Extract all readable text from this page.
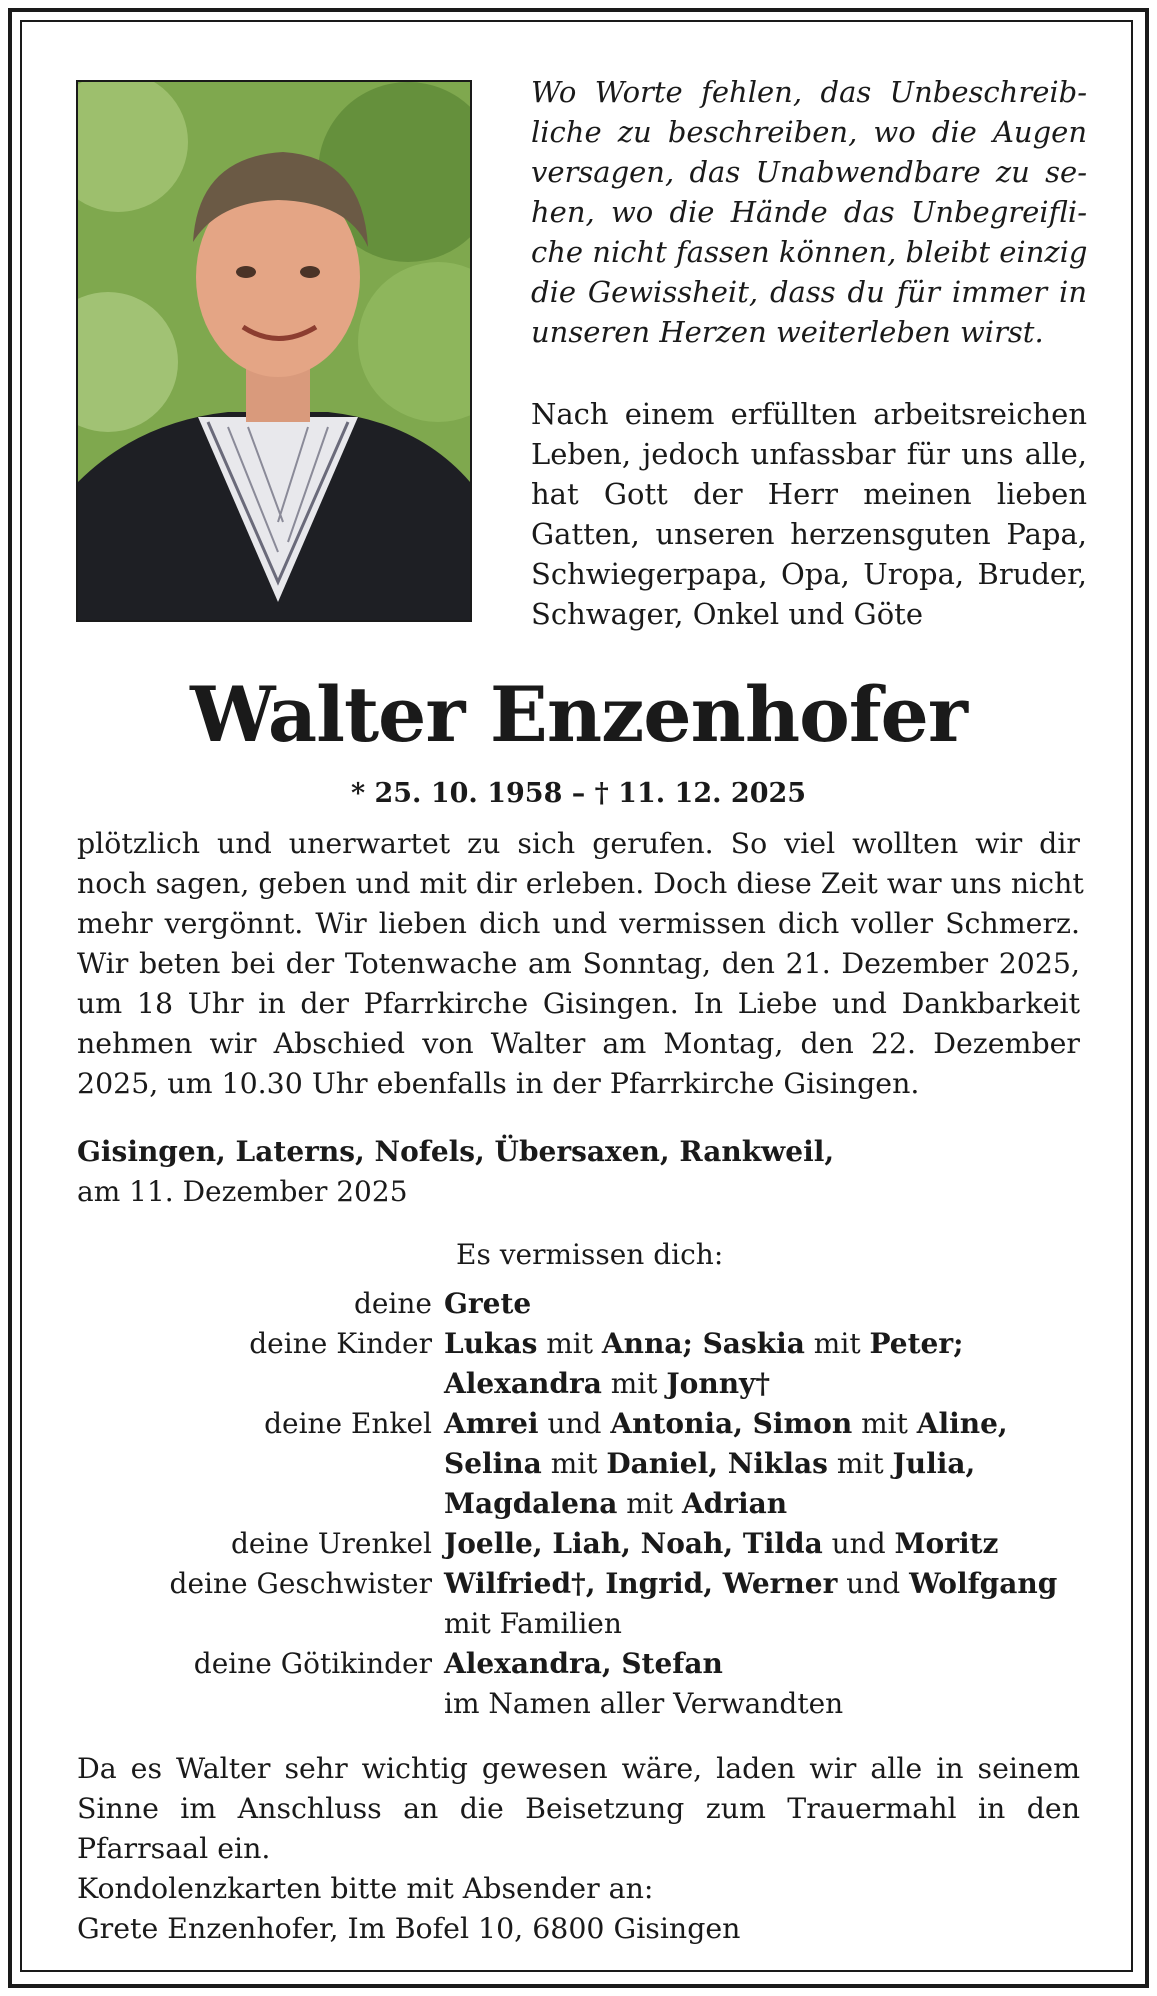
Wo Worte fehlen, das Unbeschreib-
liche zu beschreiben, wo die Augen
versagen, das Unabwendbare zu se-
hen, wo die Hände das Unbegreifli-
che nicht fassen können, bleibt einzig
die Gewissheit, dass du für immer in
unseren Herzen weiterleben wirst.
Nach einem erfüllten arbeitsreichen
Leben, jedoch unfassbar für uns alle,
hat Gott der Herr meinen lieben
Gatten, unseren herzensguten Papa,
Schwiegerpapa, Opa, Uropa, Bruder,
Schwager, Onkel und Göte
Walter Enzenhofer
* 25. 10. 1958 – † 11. 12. 2025
plötzlich und unerwartet zu sich gerufen. So viel wollten wir dir
noch sagen, geben und mit dir erleben. Doch diese Zeit war uns nicht
mehr vergönnt. Wir lieben dich und vermissen dich voller Schmerz.
Wir beten bei der Totenwache am Sonntag, den 21. Dezember 2025,
um 18 Uhr in der Pfarrkirche Gisingen. In Liebe und Dankbarkeit
nehmen wir Abschied von Walter am Montag, den 22. Dezember
2025, um 10.30 Uhr ebenfalls in der Pfarrkirche Gisingen.
Gisingen, Laterns, Nofels, Übersaxen, Rankweil,
am 11. Dezember 2025
Es vermissen dich:
deine Grete
deine Kinder Lukas mit Anna; Saskia mit Peter;
Alexandra mit Jonny†
deine Enkel Amrei und Antonia, Simon mit Aline,
Selina mit Daniel, Niklas mit Julia,
Magdalena mit Adrian
deine Urenkel Joelle, Liah, Noah, Tilda und Moritz
deine Geschwister Wilfried†, Ingrid, Werner und Wolfgang
mit Familien
deine Götikinder Alexandra, Stefan
im Namen aller Verwandten
Da es Walter sehr wichtig gewesen wäre, laden wir alle in seinem
Sinne im Anschluss an die Beisetzung zum Trauermahl in den
Pfarrsaal ein.
Kondolenzkarten bitte mit Absender an:
Grete Enzenhofer, Im Bofel 10, 6800 Gisingen
